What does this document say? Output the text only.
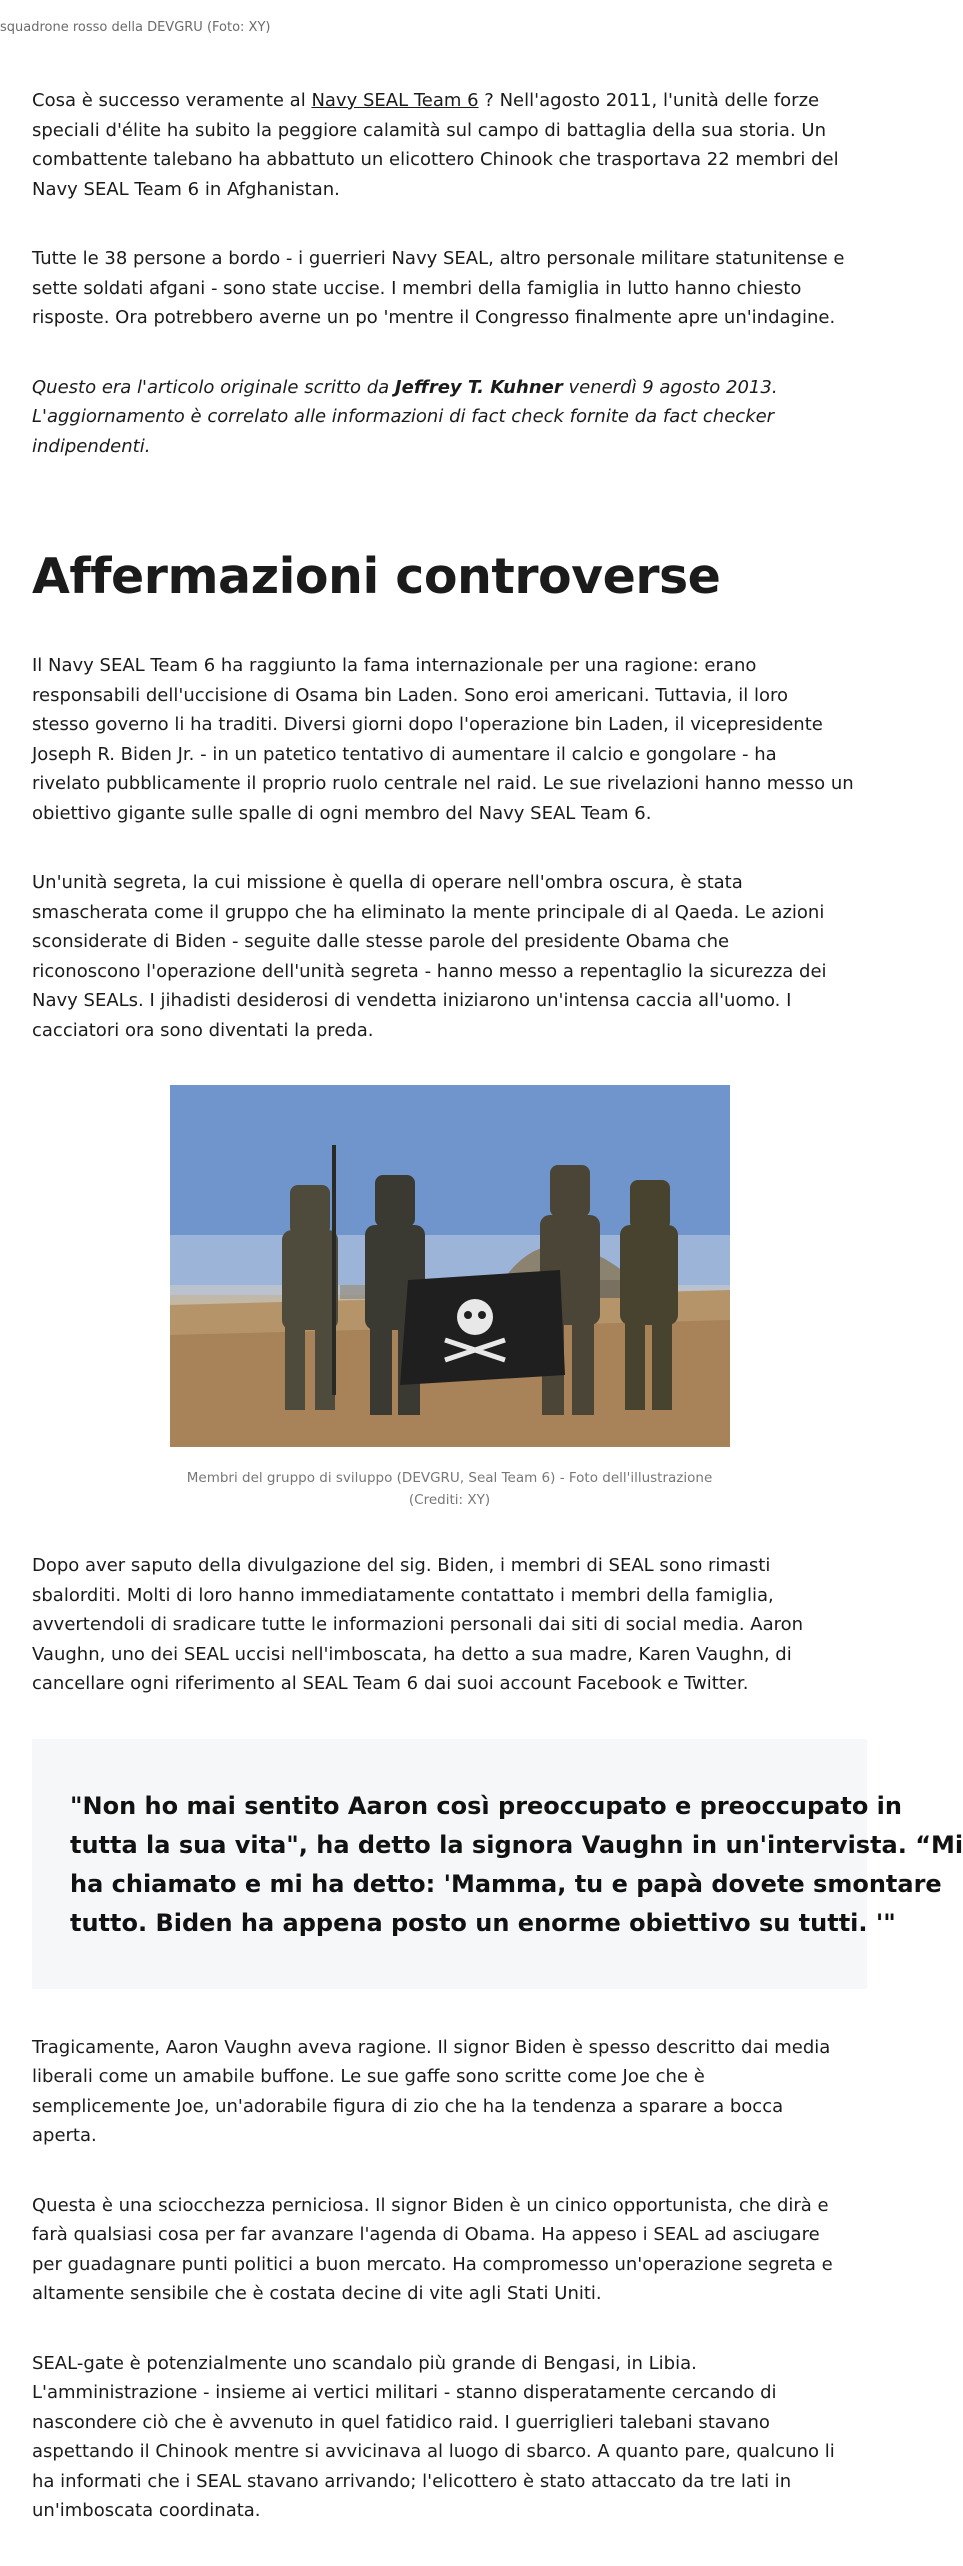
squadrone rosso della DEVGRU (Foto: XY)

Cosa è successo veramente al Navy SEAL Team 6 ? Nell'agosto 2011, l'unità delle forze
speciali d'élite ha subito la peggiore calamità sul campo di battaglia della sua storia. Un
combattente talebano ha abbattuto un elicottero Chinook che trasportava 22 membri del
Navy SEAL Team 6 in Afghanistan.

Tutte le 38 persone a bordo - i guerrieri Navy SEAL, altro personale militare statunitense e
sette soldati afgani - sono state uccise. I membri della famiglia in lutto hanno chiesto
risposte. Ora potrebbero averne un po 'mentre il Congresso finalmente apre un'indagine.

Questo era l'articolo originale scritto da Jeffrey T. Kuhner venerdì 9 agosto 2013.
L'aggiornamento è correlato alle informazioni di fact check fornite da fact checker
indipendenti.

Affermazioni controverse

Il Navy SEAL Team 6 ha raggiunto la fama internazionale per una ragione: erano
responsabili dell'uccisione di Osama bin Laden. Sono eroi americani. Tuttavia, il loro
stesso governo li ha traditi. Diversi giorni dopo l'operazione bin Laden, il vicepresidente
Joseph R. Biden Jr. - in un patetico tentativo di aumentare il calcio e gongolare - ha
rivelato pubblicamente il proprio ruolo centrale nel raid. Le sue rivelazioni hanno messo un
obiettivo gigante sulle spalle di ogni membro del Navy SEAL Team 6.

Un'unità segreta, la cui missione è quella di operare nell'ombra oscura, è stata
smascherata come il gruppo che ha eliminato la mente principale di al Qaeda. Le azioni
sconsiderate di Biden - seguite dalle stesse parole del presidente Obama che
riconoscono l'operazione dell'unità segreta - hanno messo a repentaglio la sicurezza dei
Navy SEALs. I jihadisti desiderosi di vendetta iniziarono un'intensa caccia all'uomo. I
cacciatori ora sono diventati la preda.

Membri del gruppo di sviluppo (DEVGRU, Seal Team 6) - Foto dell'illustrazione
(Crediti: XY)

Dopo aver saputo della divulgazione del sig. Biden, i membri di SEAL sono rimasti
sbalorditi. Molti di loro hanno immediatamente contattato i membri della famiglia,
avvertendoli di sradicare tutte le informazioni personali dai siti di social media. Aaron
Vaughn, uno dei SEAL uccisi nell'imboscata, ha detto a sua madre, Karen Vaughn, di
cancellare ogni riferimento al SEAL Team 6 dai suoi account Facebook e Twitter.

"Non ho mai sentito Aaron così preoccupato e preoccupato in
tutta la sua vita", ha detto la signora Vaughn in un'intervista. “Mi
ha chiamato e mi ha detto: 'Mamma, tu e papà dovete smontare
tutto. Biden ha appena posto un enorme obiettivo su tutti. '"

Tragicamente, Aaron Vaughn aveva ragione. Il signor Biden è spesso descritto dai media
liberali come un amabile buffone. Le sue gaffe sono scritte come Joe che è
semplicemente Joe, un'adorabile figura di zio che ha la tendenza a sparare a bocca
aperta.

Questa è una sciocchezza perniciosa. Il signor Biden è un cinico opportunista, che dirà e
farà qualsiasi cosa per far avanzare l'agenda di Obama. Ha appeso i SEAL ad asciugare
per guadagnare punti politici a buon mercato. Ha compromesso un'operazione segreta e
altamente sensibile che è costata decine di vite agli Stati Uniti.

SEAL-gate è potenzialmente uno scandalo più grande di Bengasi, in Libia.
L'amministrazione - insieme ai vertici militari - stanno disperatamente cercando di
nascondere ciò che è avvenuto in quel fatidico raid. I guerriglieri talebani stavano
aspettando il Chinook mentre si avvicinava al luogo di sbarco. A quanto pare, qualcuno li
ha informati che i SEAL stavano arrivando; l'elicottero è stato attaccato da tre lati in
un'imboscata coordinata.
